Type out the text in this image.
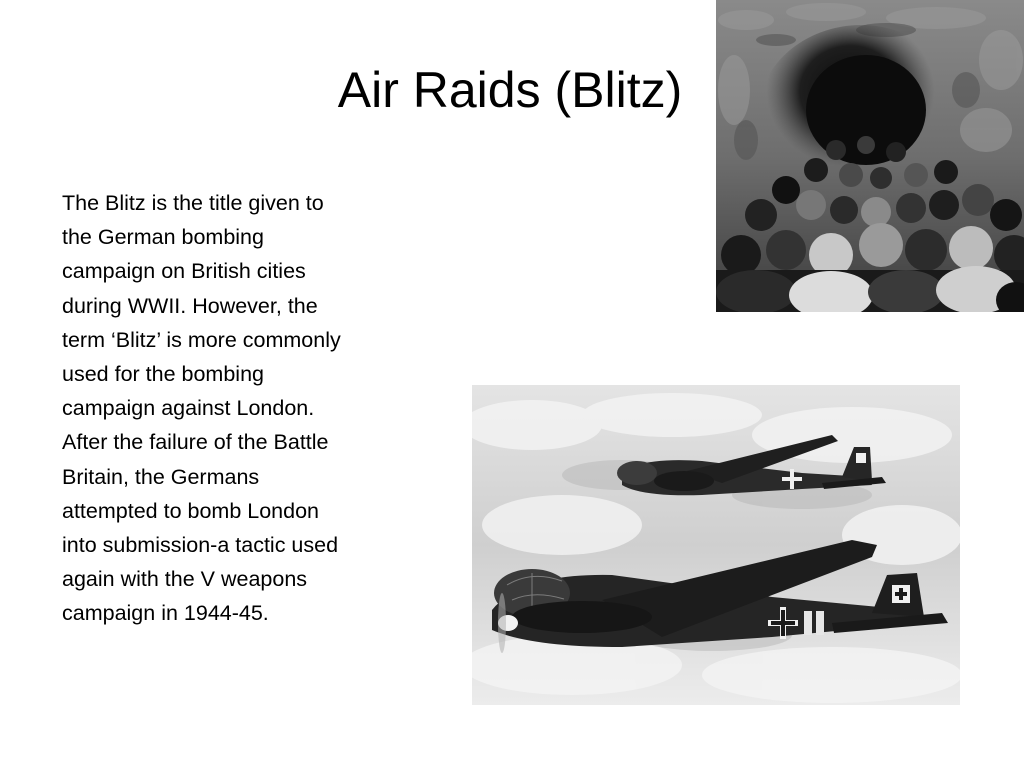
Air Raids (Blitz)
The Blitz is the title given to
the German bombing
campaign on British cities
during WWII. However, the
term ‘Blitz’ is more commonly
used for the bombing
campaign against London.
After the failure of the Battle
Britain, the Germans
attempted to bomb London
into submission-a tactic used
again with the V weapons
campaign in 1944-45.
